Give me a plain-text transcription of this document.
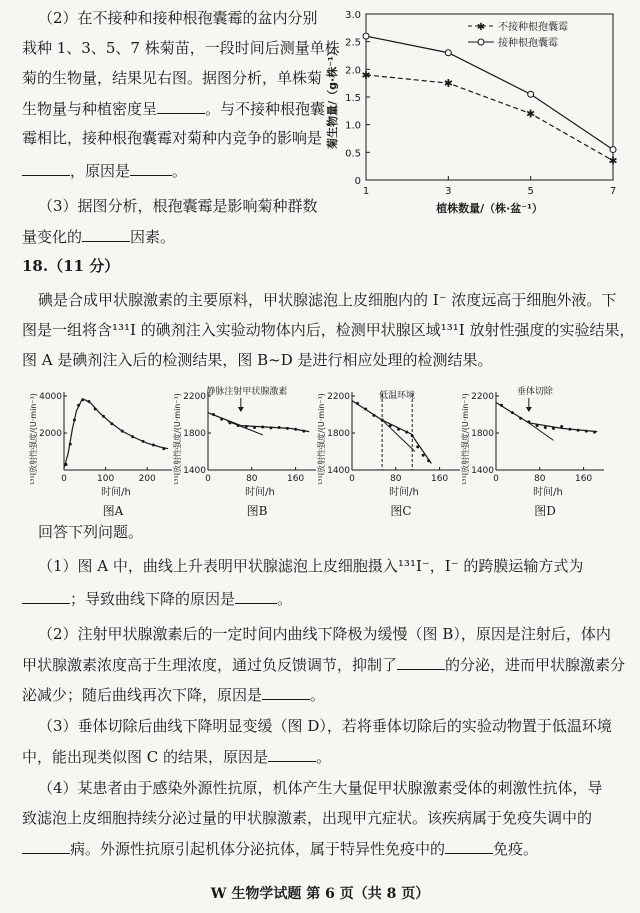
（2）在不接种和接种根孢囊霉的盆内分别
栽种 1、3、5、7 株菊苗，一段时间后测量单株
菊的生物量，结果见右图。据图分析，单株菊
生物量与种植密度呈	。与不接种根孢囊
霉相比，接种根孢囊霉对菊种内竞争的影响是
，原因是	。
（3）据图分析，根孢囊霉是影响菊种群数
量变化的	因素。
0
0.5
1.0
1.5
2.0
2.5
3.0
1	3	5	7
植株数量/（株·盆⁻¹）
菊生物量/（g·株⁻¹） ✱
✱
✱
✱
✱ 不接种根孢囊霉
接种根孢囊霉
18.（11 分）
碘是合成甲状腺激素的主要原料，甲状腺滤泡上皮细胞内的 I⁻ 浓度远高于细胞外液。下
图是一组将含¹³¹I 的碘剂注入实验动物体内后，检测甲状腺区域¹³¹I 放射性强度的实验结果，
图 A 是碘剂注入后的检测结果，图 B~D 是进行相应处理的检测结果。
2000
4000
0	100	200
时间/h
¹³¹I放射性强度/(U·min⁻¹)	1400
1800
2200
0	80	160
时间/h
¹³¹I放射性强度/(U·min⁻¹)
静脉注射甲状腺激素
1400
1800
2200
0	80	160
时间/h
¹³¹I放射性强度/(U·min⁻¹)	低温环境
1400
1800
2200
0	80	160
时间/h
¹³¹I放射性强度/(U·min⁻¹)
垂体切除
图A	图B	图C	图D
回答下列问题。
（1）图 A 中，曲线上升表明甲状腺滤泡上皮细胞摄入¹³¹I⁻，I⁻ 的跨膜运输方式为
；导致曲线下降的原因是	。
（2）注射甲状腺激素后的一定时间内曲线下降极为缓慢（图 B），原因是注射后，体内
甲状腺激素浓度高于生理浓度，通过负反馈调节，抑制了	的分泌，进而甲状腺激素分
泌减少；随后曲线再次下降，原因是	。
（3）垂体切除后曲线下降明显变缓（图 D），若将垂体切除后的实验动物置于低温环境
中，能出现类似图 C 的结果，原因是	。
（4）某患者由于感染外源性抗原，机体产生大量促甲状腺激素受体的刺激性抗体，导
致滤泡上皮细胞持续分泌过量的甲状腺激素，出现甲亢症状。该疾病属于免疫失调中的
病。外源性抗原引起机体分泌抗体，属于特异性免疫中的	免疫。
W 生物学试题 第 6 页（共 8 页）
